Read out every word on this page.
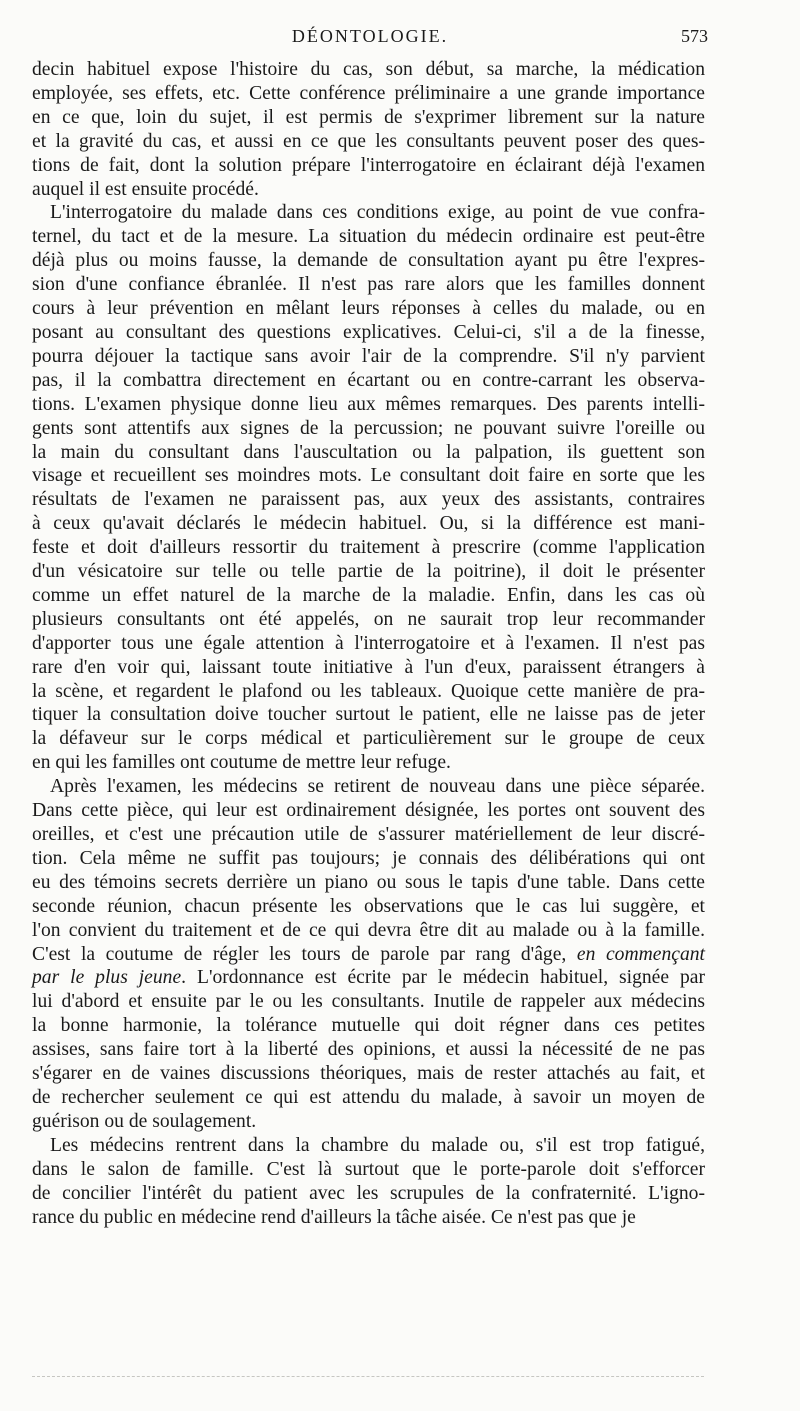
DÉONTOLOGIE.	573

decin habituel expose l'histoire du cas, son début, sa marche, la médication
employée, ses effets, etc. Cette conférence préliminaire a une grande importance
en ce que, loin du sujet, il est permis de s'exprimer librement sur la nature
et la gravité du cas, et aussi en ce que les consultants peuvent poser des ques-
tions de fait, dont la solution prépare l'interrogatoire en éclairant déjà l'examen
auquel il est ensuite procédé.

L'interrogatoire du malade dans ces conditions exige, au point de vue confra-
ternel, du tact et de la mesure. La situation du médecin ordinaire est peut-être
déjà plus ou moins fausse, la demande de consultation ayant pu être l'expres-
sion d'une confiance ébranlée. Il n'est pas rare alors que les familles donnent
cours à leur prévention en mêlant leurs réponses à celles du malade, ou en
posant au consultant des questions explicatives. Celui-ci, s'il a de la finesse,
pourra déjouer la tactique sans avoir l'air de la comprendre. S'il n'y parvient
pas, il la combattra directement en écartant ou en contre-carrant les observa-
tions. L'examen physique donne lieu aux mêmes remarques. Des parents intelli-
gents sont attentifs aux signes de la percussion; ne pouvant suivre l'oreille ou
la main du consultant dans l'auscultation ou la palpation, ils guettent son
visage et recueillent ses moindres mots. Le consultant doit faire en sorte que les
résultats de l'examen ne paraissent pas, aux yeux des assistants, contraires
à ceux qu'avait déclarés le médecin habituel. Ou, si la différence est mani-
feste et doit d'ailleurs ressortir du traitement à prescrire (comme l'application
d'un vésicatoire sur telle ou telle partie de la poitrine), il doit le présenter
comme un effet naturel de la marche de la maladie. Enfin, dans les cas où
plusieurs consultants ont été appelés, on ne saurait trop leur recommander
d'apporter tous une égale attention à l'interrogatoire et à l'examen. Il n'est pas
rare d'en voir qui, laissant toute initiative à l'un d'eux, paraissent étrangers à
la scène, et regardent le plafond ou les tableaux. Quoique cette manière de pra-
tiquer la consultation doive toucher surtout le patient, elle ne laisse pas de jeter
la défaveur sur le corps médical et particulièrement sur le groupe de ceux
en qui les familles ont coutume de mettre leur refuge.

Après l'examen, les médecins se retirent de nouveau dans une pièce séparée.
Dans cette pièce, qui leur est ordinairement désignée, les portes ont souvent des
oreilles, et c'est une précaution utile de s'assurer matériellement de leur discré-
tion. Cela même ne suffit pas toujours; je connais des délibérations qui ont
eu des témoins secrets derrière un piano ou sous le tapis d'une table. Dans cette
seconde réunion, chacun présente les observations que le cas lui suggère, et
l'on convient du traitement et de ce qui devra être dit au malade ou à la famille.
C'est la coutume de régler les tours de parole par rang d'âge, en commençant
par le plus jeune. L'ordonnance est écrite par le médecin habituel, signée par
lui d'abord et ensuite par le ou les consultants. Inutile de rappeler aux médecins
la bonne harmonie, la tolérance mutuelle qui doit régner dans ces petites
assises, sans faire tort à la liberté des opinions, et aussi la nécessité de ne pas
s'égarer en de vaines discussions théoriques, mais de rester attachés au fait, et
de rechercher seulement ce qui est attendu du malade, à savoir un moyen de
guérison ou de soulagement.

Les médecins rentrent dans la chambre du malade ou, s'il est trop fatigué,
dans le salon de famille. C'est là surtout que le porte-parole doit s'efforcer
de concilier l'intérêt du patient avec les scrupules de la confraternité. L'igno-
rance du public en médecine rend d'ailleurs la tâche aisée. Ce n'est pas que je
